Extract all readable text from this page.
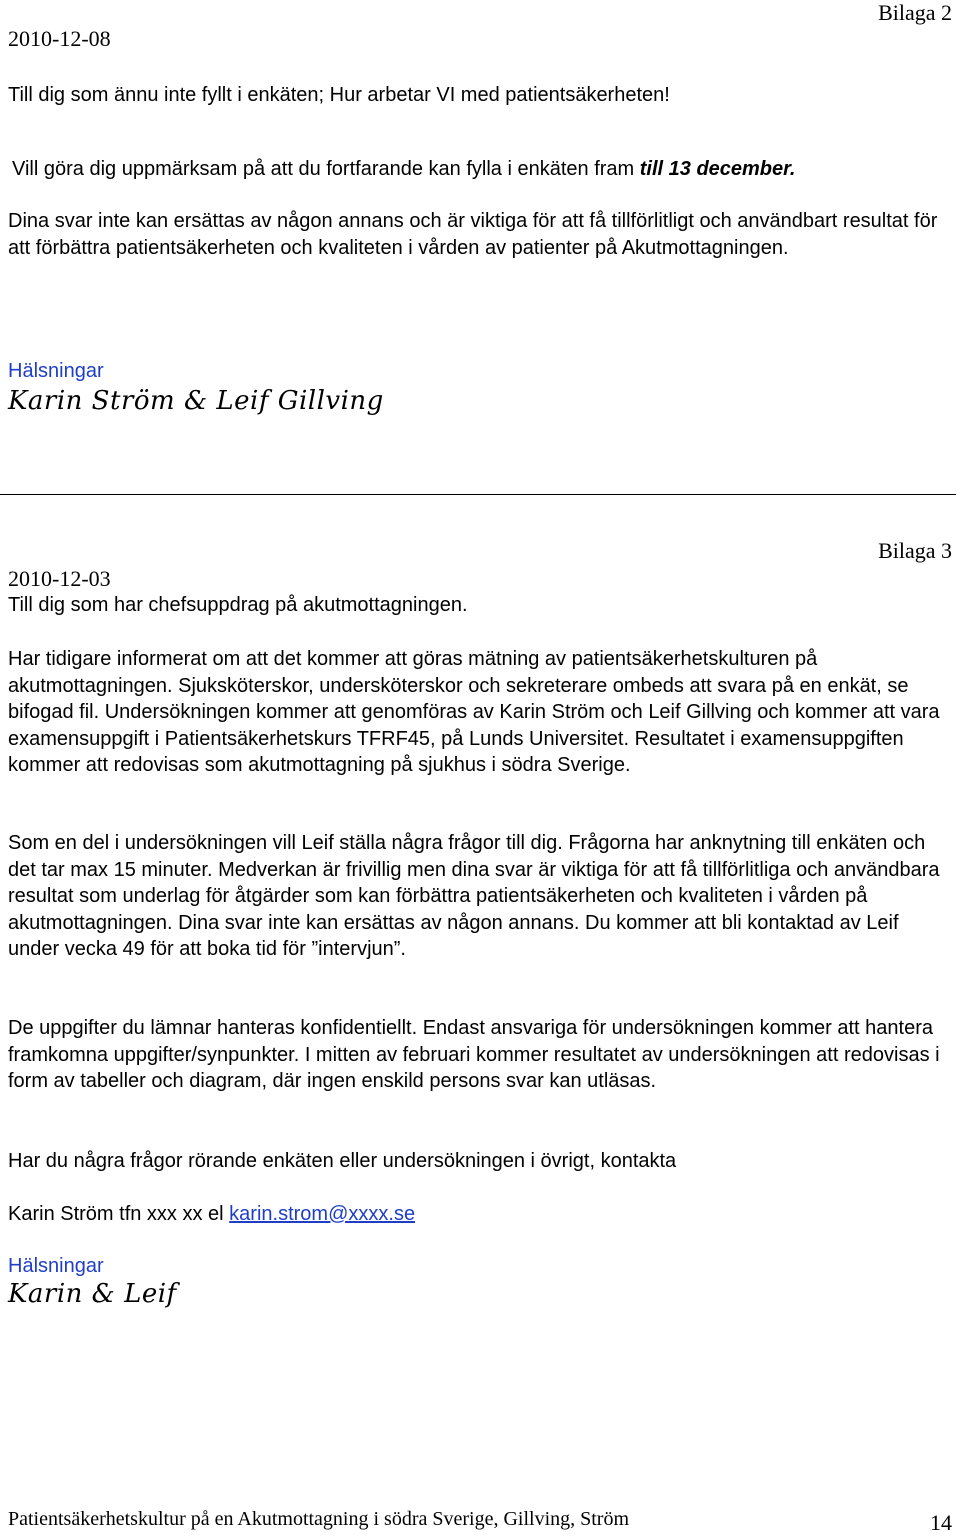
2010-12-08
Bilaga 2
Till dig som ännu inte fyllt i enkäten; Hur arbetar VI med patientsäkerheten!
Vill göra dig uppmärksam på att du fortfarande kan fylla i enkäten fram till 13 december.

Dina svar inte kan ersättas av någon annans och är viktiga för att få tillförlitligt och användbart resultat för att förbättra patientsäkerheten och kvaliteten i vården av patienter på Akutmottagningen.

Hälsningar
Karin Ström & Leif Gillving
Bilaga 3
2010-12-03
Till dig som har chefsuppdrag på akutmottagningen.

Har tidigare informerat om att det kommer att göras mätning av patientsäkerhetskulturen på akutmottagningen. Sjuksköterskor, undersköterskor och sekreterare ombeds att svara på en enkät, se bifogad fil. Undersökningen kommer att genomföras av Karin Ström och Leif Gillving och kommer att vara examensuppgift i Patientsäkerhetskurs TFRF45, på Lunds Universitet. Resultatet i examensuppgiften kommer att redovisas som akutmottagning på sjukhus i södra Sverige.

Som en del i undersökningen vill Leif ställa några frågor till dig. Frågorna har anknytning till enkäten och det tar max 15 minuter. Medverkan är frivillig men dina svar är viktiga för att få tillförlitliga och användbara resultat som underlag för åtgärder som kan förbättra patientsäkerheten och kvaliteten i vården på akutmottagningen. Dina svar inte kan ersättas av någon annans. Du kommer att bli kontaktad av Leif under vecka 49 för att boka tid för ”intervjun”.

De uppgifter du lämnar hanteras konfidentiellt. Endast ansvariga för undersökningen kommer att hantera framkomna uppgifter/synpunkter. I mitten av februari kommer resultatet av undersökningen att redovisas i form av tabeller och diagram, där ingen enskild persons svar kan utläsas.

Har du några frågor rörande enkäten eller undersökningen i övrigt, kontakta

Karin Ström tfn xxx xx el karin.strom@xxxx.se
Hälsningar
Karin & Leif
Patientsäkerhetskultur på en Akutmottagning i södra Sverige, Gillving, Ström	14
